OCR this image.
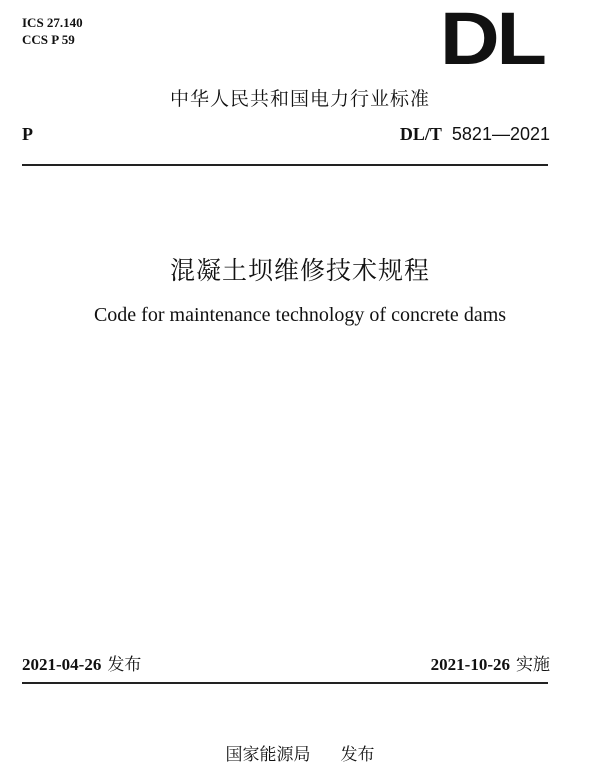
ICS 27.140
CCS P 59	DL
中华人民共和国电力行业标准
P	DL/T 5821—2021
混凝土坝维修技术规程
Code for maintenance technology of concrete dams
2021-04-26 发布	2021-10-26 实施
国家能源局 发布
